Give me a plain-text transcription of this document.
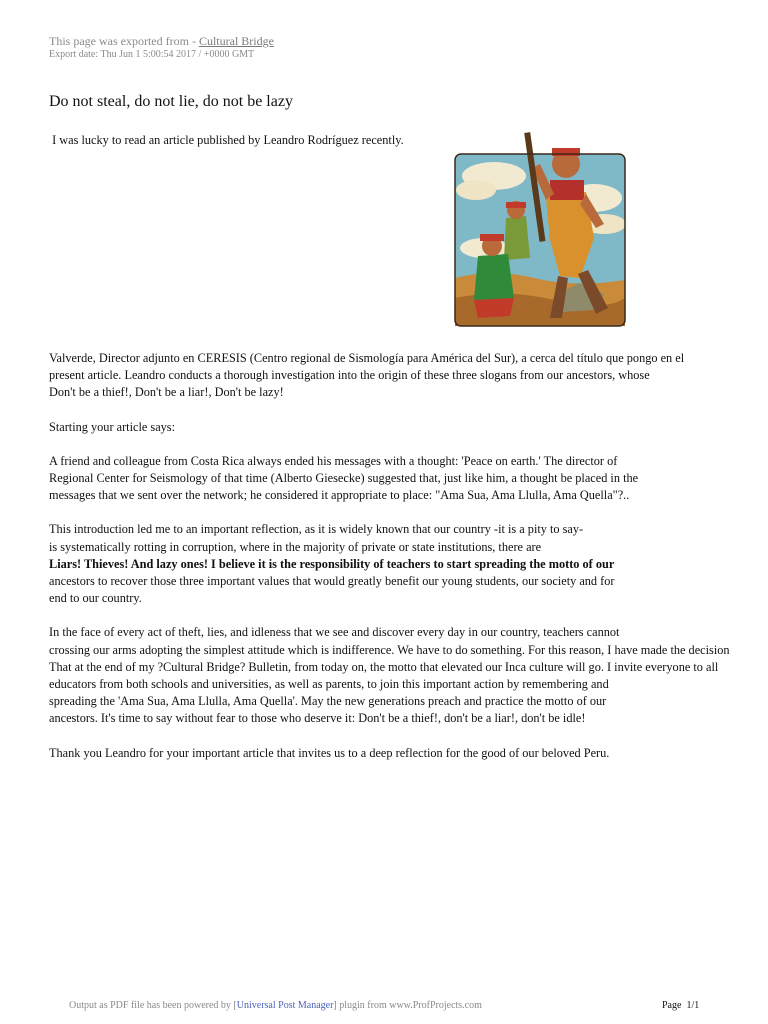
This page was exported from - Cultural Bridge
Export date: Thu Jun 1 5:00:54 2017 / +0000 GMT
Do not steal, do not lie, do not be lazy
I was lucky to read an article published by Leandro Rodríguez recently.

Valverde, Director adjunto en CERESIS (Centro regional de Sismología para América del Sur), a cerca del título que pongo en el
present article. Leandro conducts a thorough investigation into the origin of these three slogans from our ancestors, whose
Don't be a thief!, Don't be a liar!, Don't be lazy!

Starting your article says:

A friend and colleague from Costa Rica always ended his messages with a thought: 'Peace on earth.' The director of
Regional Center for Seismology of that time (Alberto Giesecke) suggested that, just like him, a thought be placed in the
messages that we sent over the network; he considered it appropriate to place: "Ama Sua, Ama Llulla, Ama Quella"?..

This introduction led me to an important reflection, as it is widely known that our country -it is a pity to say-
is systematically rotting in corruption, where in the majority of private or state institutions, there are
Liars! Thieves! And lazy ones! I believe it is the responsibility of teachers to start spreading the motto of our
ancestors to recover those three important values that would greatly benefit our young students, our society and for
end to our country.

In the face of every act of theft, lies, and idleness that we see and discover every day in our country, teachers cannot
crossing our arms adopting the simplest attitude which is indifference. We have to do something. For this reason, I have made the decision
That at the end of my ?Cultural Bridge? Bulletin, from today on, the motto that elevated our Inca culture will go. I invite everyone to all
educators from both schools and universities, as well as parents, to join this important action by remembering and
spreading the 'Ama Sua, Ama Llulla, Ama Quella'. May the new generations preach and practice the motto of our
ancestors. It's time to say without fear to those who deserve it: Don't be a thief!, don't be a liar!, don't be idle!

Thank you Leandro for your important article that invites us to a deep reflection for the good of our beloved Peru.

Output as PDF file has been powered by [Universal Post Manager] plugin from www.ProfProjects.com	Page 1/1
